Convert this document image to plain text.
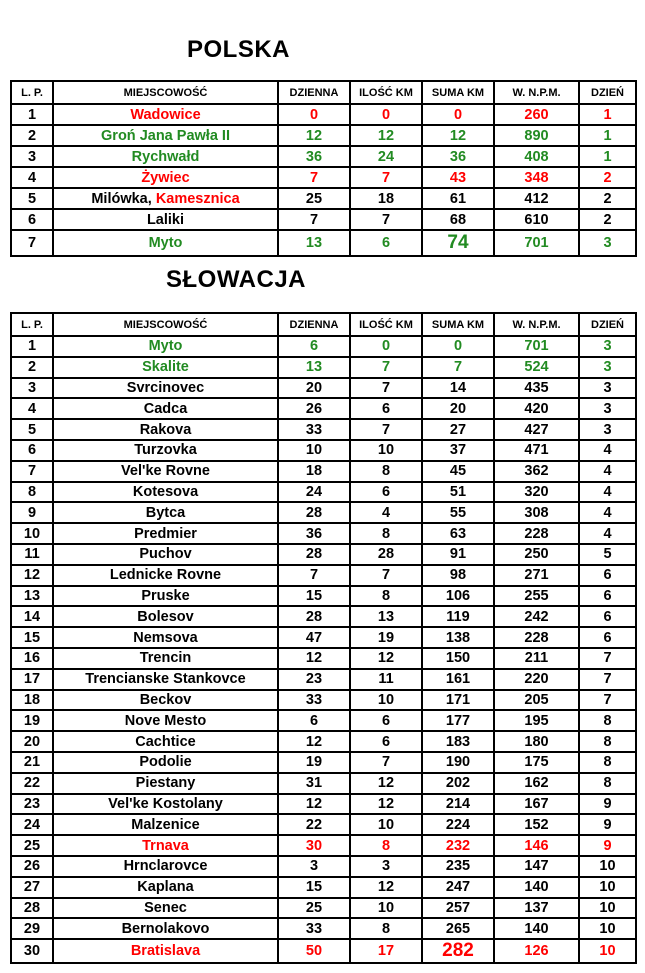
POLSKA
L. P.	MIEJSCOWOŚĆ	DZIENNA	ILOŚĆ KM	SUMA KM	W. N.P.M.	DZIEŃ
1	Wadowice	0	0	0	260	1
2	Groń Jana Pawła II	12	12	12	890	1
3	Rychwałd	36	24	36	408	1
4	Żywiec	7	7	43	348	2
5	Milówka, Kamesznica	25	18	61	412	2
6	Laliki	7	7	68	610	2
7	Myto	13	6	74	701	3
SŁOWACJA
L. P.	MIEJSCOWOŚĆ	DZIENNA	ILOŚĆ KM	SUMA KM	W. N.P.M.	DZIEŃ
1	Myto	6	0	0	701	3
2	Skalite	13	7	7	524	3
3	Svrcinovec	20	7	14	435	3
4	Cadca	26	6	20	420	3
5	Rakova	33	7	27	427	3
6	Turzovka	10	10	37	471	4
7	Vel'ke Rovne	18	8	45	362	4
8	Kotesova	24	6	51	320	4
9	Bytca	28	4	55	308	4
10	Predmier	36	8	63	228	4
11	Puchov	28	28	91	250	5
12	Lednicke Rovne	7	7	98	271	6
13	Pruske	15	8	106	255	6
14	Bolesov	28	13	119	242	6
15	Nemsova	47	19	138	228	6
16	Trencin	12	12	150	211	7
17	Trencianske Stankovce	23	11	161	220	7
18	Beckov	33	10	171	205	7
19	Nove Mesto	6	6	177	195	8
20	Cachtice	12	6	183	180	8
21	Podolie	19	7	190	175	8
22	Piestany	31	12	202	162	8
23	Vel'ke Kostolany	12	12	214	167	9
24	Malzenice	22	10	224	152	9
25	Trnava	30	8	232	146	9
26	Hrnclarovce	3	3	235	147	10
27	Kaplana	15	12	247	140	10
28	Senec	25	10	257	137	10
29	Bernolakovo	33	8	265	140	10
30	Bratislava	50	17	282	126	10
